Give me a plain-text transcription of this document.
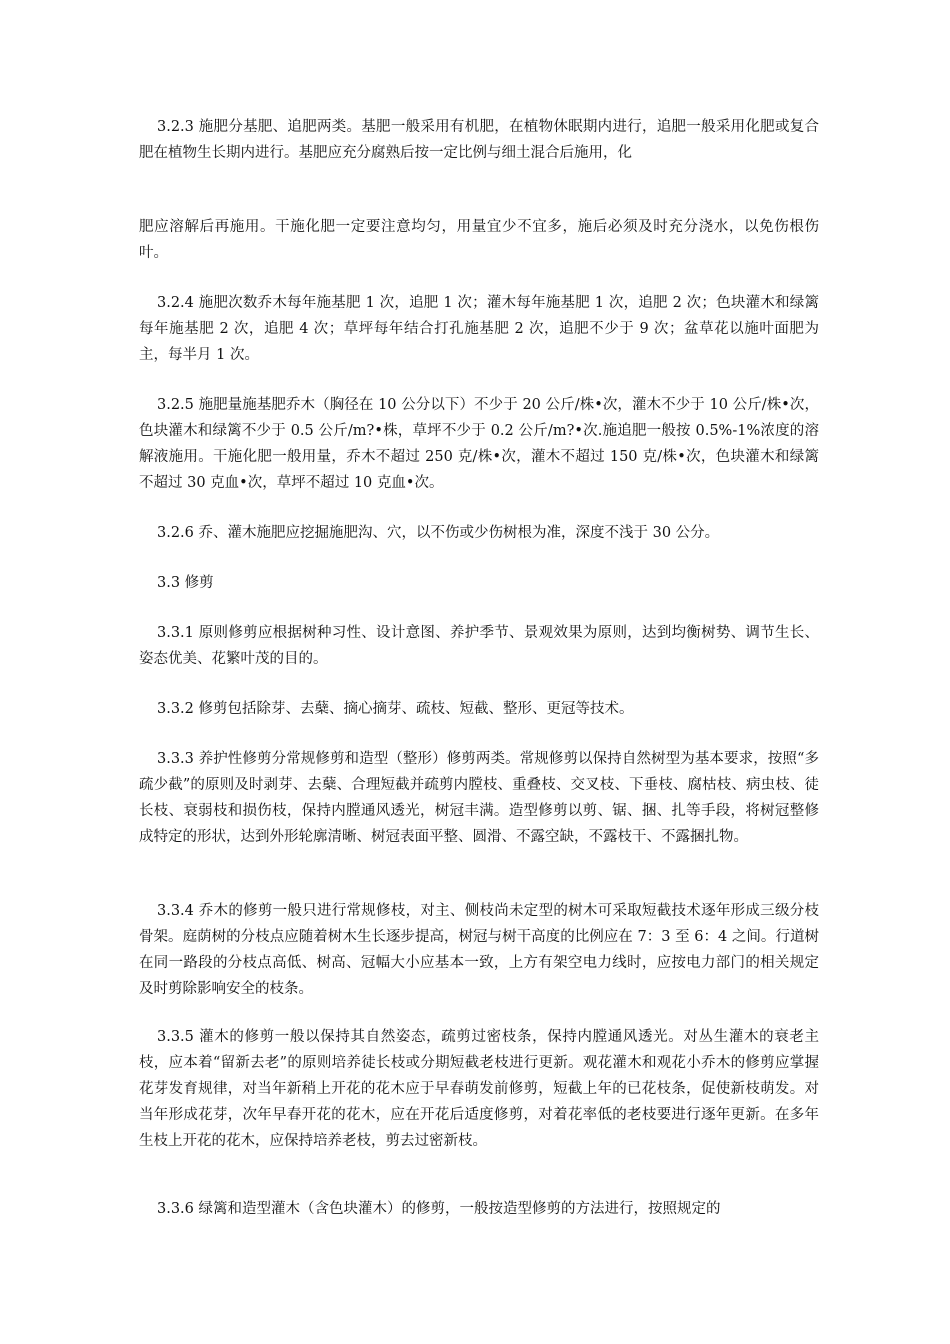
3.2.3 施肥分基肥、追肥两类。基肥一般采用有机肥，在植物休眠期内进行，追肥一般采用化肥或复合肥在植物生长期内进行。基肥应充分腐熟后按一定比例与细土混合后施用，化

肥应溶解后再施用。干施化肥一定要注意均匀，用量宜少不宜多，施后必须及时充分浇水，以免伤根伤叶。

3.2.4 施肥次数乔木每年施基肥 1 次，追肥 1 次；灌木每年施基肥 1 次，追肥 2 次；色块灌木和绿篱每年施基肥 2 次，追肥 4 次；草坪每年结合打孔施基肥 2 次，追肥不少于 9 次；盆草花以施叶面肥为主，每半月 1 次。

3.2.5 施肥量施基肥乔木（胸径在 10 公分以下）不少于 20 公斤/株•次，灌木不少于 10 公斤/株•次，色块灌木和绿篱不少于 0.5 公斤/m?•株，草坪不少于 0.2 公斤/m?•次.施追肥一般按 0.5%-1%浓度的溶解液施用。干施化肥一般用量，乔木不超过 250 克/株•次，灌木不超过 150 克/株•次，色块灌木和绿篱不超过 30 克血•次，草坪不超过 10 克血•次。

3.2.6 乔、灌木施肥应挖掘施肥沟、穴，以不伤或少伤树根为准，深度不浅于 30 公分。

3.3 修剪

3.3.1 原则修剪应根据树种习性、设计意图、养护季节、景观效果为原则，达到均衡树势、调节生长、姿态优美、花繁叶茂的目的。

3.3.2 修剪包括除芽、去蘖、摘心摘芽、疏枝、短截、整形、更冠等技术。

3.3.3 养护性修剪分常规修剪和造型（整形）修剪两类。常规修剪以保持自然树型为基本要求，按照“多疏少截”的原则及时剥芽、去蘖、合理短截并疏剪内膛枝、重叠枝、交叉枝、下垂枝、腐枯枝、病虫枝、徒长枝、衰弱枝和损伤枝，保持内膛通风透光，树冠丰满。造型修剪以剪、锯、捆、扎等手段，将树冠整修成特定的形状，达到外形轮廓清晰、树冠表面平整、圆滑、不露空缺，不露枝干、不露捆扎物。

3.3.4 乔木的修剪一般只进行常规修枝，对主、侧枝尚未定型的树木可采取短截技术逐年形成三级分枝骨架。庭荫树的分枝点应随着树木生长逐步提高，树冠与树干高度的比例应在 7：3 至 6：4 之间。行道树在同一路段的分枝点高低、树高、冠幅大小应基本一致，上方有架空电力线时，应按电力部门的相关规定及时剪除影响安全的枝条。

3.3.5 灌木的修剪一般以保持其自然姿态，疏剪过密枝条，保持内膛通风透光。对丛生灌木的衰老主枝，应本着“留新去老”的原则培养徒长枝或分期短截老枝进行更新。观花灌木和观花小乔木的修剪应掌握花芽发育规律，对当年新稍上开花的花木应于早春萌发前修剪，短截上年的已花枝条，促使新枝萌发。对当年形成花芽，次年早春开花的花木，应在开花后适度修剪，对着花率低的老枝要进行逐年更新。在多年生枝上开花的花木，应保持培养老枝，剪去过密新枝。

3.3.6 绿篱和造型灌木（含色块灌木）的修剪，一般按造型修剪的方法进行，按照规定的
